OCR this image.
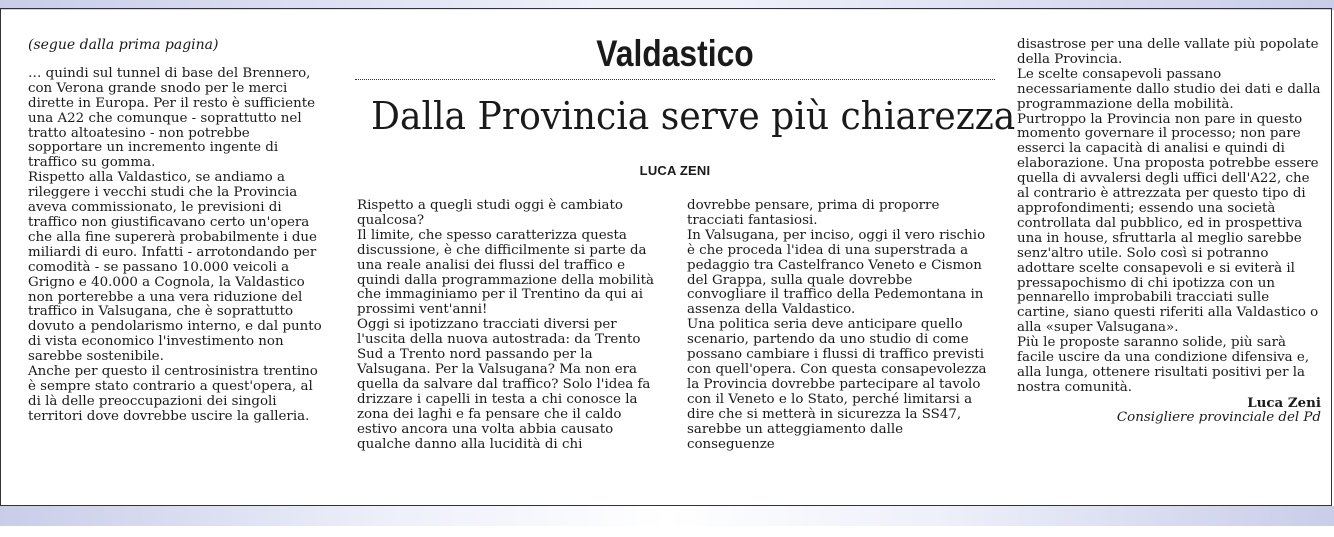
(segue dalla prima pagina)

… quindi sul tunnel di base del Brennero, con Verona grande snodo per le merci dirette in Europa. Per il resto è sufficiente una A22 che comunque - soprattutto nel tratto altoatesino - non potrebbe sopportare un incremento ingente di traffico su gomma.

Rispetto alla Valdastico, se andiamo a rileggere i vecchi studi che la Provincia aveva commissionato, le previsioni di traffico non giustificavano certo un'opera che alla fine supererà probabilmente i due miliardi di euro. Infatti - arrotondando per comodità - se passano 10.000 veicoli a Grigno e 40.000 a Cognola, la Valdastico non porterebbe a una vera riduzione del traffico in Valsugana, che è soprattutto dovuto a pendolarismo interno, e dal punto di vista economico l'investimento non sarebbe sostenibile.

Anche per questo il centrosinistra trentino è sempre stato contrario a quest'opera, al di là delle preoccupazioni dei singoli territori dove dovrebbe uscire la galleria.

Valdastico
Dalla Provincia serve più chiarezza
LUCA ZENI

Rispetto a quegli studi oggi è cambiato qualcosa?

Il limite, che spesso caratterizza questa discussione, è che difficilmente si parte da una reale analisi dei flussi del traffico e quindi dalla programmazione della mobilità che immaginiamo per il Trentino da qui ai prossimi vent'anni!

Oggi si ipotizzano tracciati diversi per l'uscita della nuova autostrada: da Trento Sud a Trento nord passando per la Valsugana. Per la Valsugana? Ma non era quella da salvare dal traffico? Solo l'idea fa drizzare i capelli in testa a chi conosce la zona dei laghi e fa pensare che il caldo estivo ancora una volta abbia causato qualche danno alla lucidità di chi

dovrebbe pensare, prima di proporre tracciati fantasiosi.

In Valsugana, per inciso, oggi il vero rischio è che proceda l'idea di una superstrada a pedaggio tra Castelfranco Veneto e Cismon del Grappa, sulla quale dovrebbe convogliare il traffico della Pedemontana in assenza della Valdastico.

Una politica seria deve anticipare quello scenario, partendo da uno studio di come possano cambiare i flussi di traffico previsti con quell'opera. Con questa consapevolezza la Provincia dovrebbe partecipare al tavolo con il Veneto e lo Stato, perché limitarsi a dire che si metterà in sicurezza la SS47, sarebbe un atteggiamento dalle conseguenze

disastrose per una delle vallate più popolate della Provincia.

Le scelte consapevoli passano necessariamente dallo studio dei dati e dalla programmazione della mobilità.

Purtroppo la Provincia non pare in questo momento governare il processo; non pare esserci la capacità di analisi e quindi di elaborazione. Una proposta potrebbe essere quella di avvalersi degli uffici dell'A22, che al contrario è attrezzata per questo tipo di approfondimenti; essendo una società controllata dal pubblico, ed in prospettiva una in house, sfruttarla al meglio sarebbe senz'altro utile. Solo così si potranno adottare scelte consapevoli e si eviterà il pressapochismo di chi ipotizza con un pennarello improbabili tracciati sulle cartine, siano questi riferiti alla Valdastico o alla «super Valsugana».

Più le proposte saranno solide, più sarà facile uscire da una condizione difensiva e, alla lunga, ottenere risultati positivi per la nostra comunità.

Luca Zeni

Consigliere provinciale del Pd
